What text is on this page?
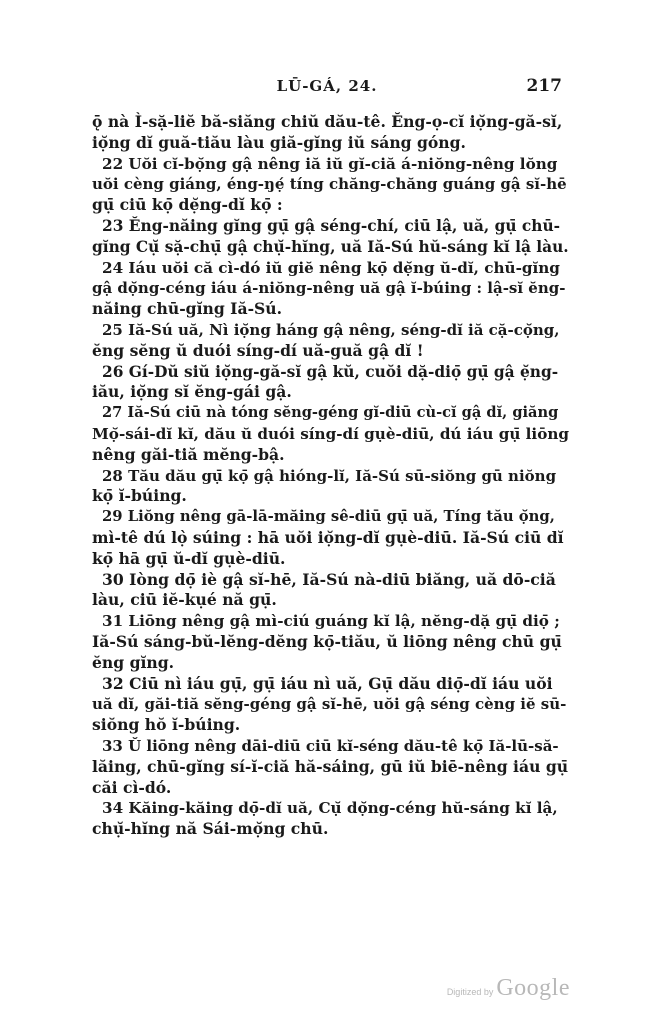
LŪ-GÁ, 24.	217
ǭ nà Ì-sặ-liĕ bă-siăng chiŭ dău-tê. Ĕng-ọ-cĭ iọ̆ng-gă-sĭ,
iọ̆ng dĭ guă-tiău làu giă-gĭng iŭ sáng góng.
22 Uŏi cĭ-bọ̆ng gậ nêng iă iŭ gĭ-ciă á-niŏng-nêng lŏng
uŏi cèng giáng, éng-ŋẹ́ tíng chăng-chăng guáng gậ sĭ-hē
gụ̄ ciū kọ̄ dẹ̆ng-dĭ kọ̄ :
23 Ĕng-năing gĭng gụ̄ gậ séng-chí, ciū lậ, uă, gụ̄ chū-
gĭng Cụ̆ sặ-chụ̄ gậ chụ̆-hĭng, uă Iă-Sú hŭ-sáng kĭ lậ làu.
24 Iáu uŏi că cì-dó iŭ giĕ nêng kọ̄ dẹ̆ng ŭ-dĭ, chū-gĭng
gậ dọ̆ng-céng iáu á-niŏng-nêng uă gậ ĭ-búing : lậ-sĭ ĕng-
năing chū-gĭng Iă-Sú.
25 Iă-Sú uă, Nì iọ̆ng háng gậ nêng, séng-dĭ iă cặ-cọ̆ng,
ĕng sĕng ŭ duói síng-dí uă-guă gậ dĭ !
26 Gí-Dŭ siŭ iọ̆ng-gă-sĭ gậ kŭ, cuŏi dặ-diọ̄ gụ̄ gậ ẹ̆ng-
iău, iọ̆ng sĭ ĕng-gái gậ.
27 Iă-Sú ciū nà tóng sĕng-géng gĭ-diū cù-cĭ gậ dĭ, giăng
Mọ̆-sái-dĭ kĭ, dău ŭ duói síng-dí gụè-diū, dú iáu gụ̄ liōng
nêng găi-tiă mĕng-bậ.
28 Tău dău gụ̄ kọ̄ gậ hióng-lĭ, Iă-Sú sū-siŏng gū niŏng
kọ̄ ĭ-búing.
29 Liŏng nêng gā-lā-măing sê-diū gụ̄ uă, Tíng tău ọ̆ng,
mì-tê dú lọ̀ súing : hā uŏi iọ̆ng-dĭ gụè-diū. Iă-Sú ciū dĭ
kọ̄ hā gụ̄ ŭ-dĭ gụè-diū.
30 Iòng dọ̄ iè gậ sĭ-hē, Iă-Sú nà-diū biăng, uă dō-ciă
làu, ciū iĕ-kụé nă gụ̄.
31 Liōng nêng gậ mì-ciú guáng kĭ lậ, nĕng-dặ gụ̄ diọ̄ ;
Iă-Sú sáng-bŭ-lĕng-dĕng kọ̄-tiău, ŭ liōng nêng chū gụ̄
ĕng gĭng.
32 Ciū nì iáu gụ̄, gụ̄ iáu nì uă, Gụ̄ dău diọ̄-dĭ iáu uŏi
uă dĭ, găi-tiă sĕng-géng gậ sĭ-hē, uŏi gậ séng cèng iĕ sū-
siŏng hŏ ĭ-búing.
33 Ŭ liōng nêng dāi-diū ciū kĭ-séng dău-tê kọ̄ Iă-lū-să-
lăing, chū-gĭng sí-ĭ-ciă hă-sáing, gū iŭ biē-nêng iáu gụ̄
căi cì-dó.
34 Kăing-kăing dọ̄-dĭ uă, Cụ̆ dọ̆ng-céng hŭ-sáng kĭ lậ,
chụ̆-hĭng nă Sái-mọ̆ng chū.
Digitized by Google
